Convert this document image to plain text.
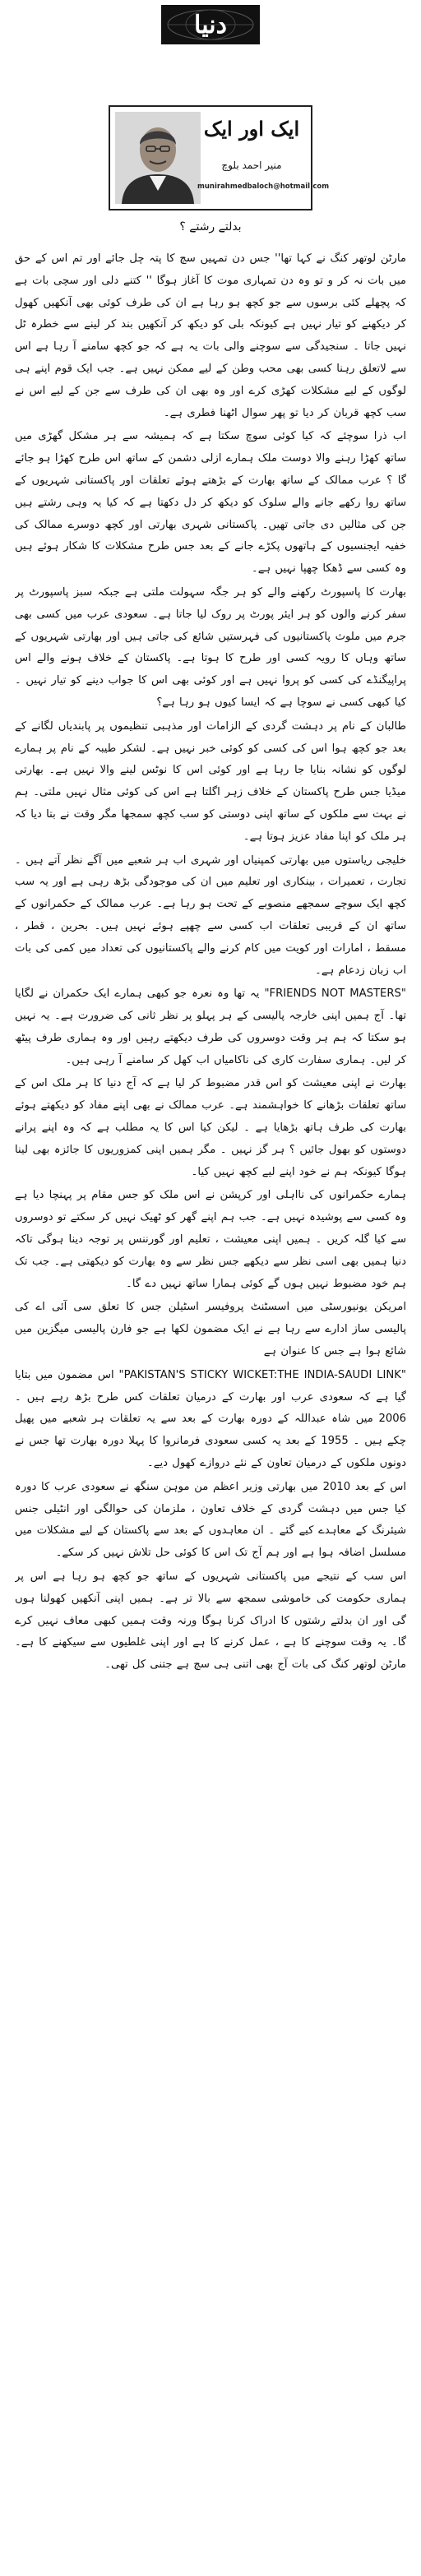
دنیا
ایک اور ایک
منیر احمد بلوچ
munirahmedbaloch@hotmail.com
بدلتے رشتے ؟

مارٹن لوتھر کنگ نے کہا تھا'' جس دن تمہیں سچ کا پتہ چل جائے اور تم اس کے حق میں بات نہ کر و تو وہ دن تمہاری موت کا آغاز ہوگا '' کتنے دلی اور سچی بات ہے کہ پچھلے کئی برسوں سے جو کچھ ہو رہا ہے ان کی طرف کوئی بھی آنکھیں کھول کر دیکھنے کو تیار نہیں ہے کیونکہ بلی کو دیکھ کر آنکھیں بند کر لینے سے خطرہ ٹل نہیں جاتا ۔ سنجیدگی سے سوچنے والی بات یہ ہے کہ جو کچھ سامنے آ رہا ہے اس سے لاتعلق رہنا کسی بھی محب وطن کے لیے ممکن نہیں ہے۔ جب ایک قوم اپنے ہی لوگوں کے لیے مشکلات کھڑی کرے اور وہ بھی ان کی طرف سے جن کے لیے اس نے سب کچھ قربان کر دیا تو پھر سوال اٹھنا فطری ہے۔

اب ذرا سوچئے کہ کیا کوئی سوچ سکتا ہے کہ ہمیشہ سے ہر مشکل گھڑی میں ساتھ کھڑا رہنے والا دوست ملک ہمارے ازلی دشمن کے ساتھ اس طرح کھڑا ہو جائے گا ؟ عرب ممالک کے ساتھ بھارت کے بڑھتے ہوئے تعلقات اور پاکستانی شہریوں کے ساتھ روا رکھے جانے والے سلوک کو دیکھ کر دل دکھتا ہے کہ کیا یہ وہی رشتے ہیں جن کی مثالیں دی جاتی تھیں۔ پاکستانی شہری بھارتی اور کچھ دوسرے ممالک کی خفیہ ایجنسیوں کے ہاتھوں پکڑے جانے کے بعد جس طرح مشکلات کا شکار ہوئے ہیں وہ کسی سے ڈھکا چھپا نہیں ہے۔

بھارت کا پاسپورٹ رکھنے والے کو ہر جگہ سہولت ملتی ہے جبکہ سبز پاسپورٹ پر سفر کرنے والوں کو ہر ایئر پورٹ پر روک لیا جاتا ہے۔ سعودی عرب میں کسی بھی جرم میں ملوث پاکستانیوں کی فہرستیں شائع کی جاتی ہیں اور بھارتی شہریوں کے ساتھ وہاں کا رویہ کسی اور طرح کا ہوتا ہے۔ پاکستان کے خلاف ہونے والے اس پراپیگنڈے کی کسی کو پروا نہیں ہے اور کوئی بھی اس کا جواب دینے کو تیار نہیں ۔ کیا کبھی کسی نے سوچا ہے کہ ایسا کیوں ہو رہا ہے؟

طالبان کے نام پر دہشت گردی کے الزامات اور مذہبی تنظیموں پر پابندیاں لگانے کے بعد جو کچھ ہوا اس کی کسی کو کوئی خبر نہیں ہے۔ لشکر طیبہ کے نام پر ہمارے لوگوں کو نشانہ بنایا جا رہا ہے اور کوئی اس کا نوٹس لینے والا نہیں ہے۔ بھارتی میڈیا جس طرح پاکستان کے خلاف زہر اگلتا ہے اس کی کوئی مثال نہیں ملتی۔ ہم نے بہت سے ملکوں کے ساتھ اپنی دوستی کو سب کچھ سمجھا مگر وقت نے بتا دیا کہ ہر ملک کو اپنا مفاد عزیز ہوتا ہے۔

خلیجی ریاستوں میں بھارتی کمپنیاں اور شہری اب ہر شعبے میں آگے نظر آتے ہیں ۔ تجارت ، تعمیرات ، بینکاری اور تعلیم میں ان کی موجودگی بڑھ رہی ہے اور یہ سب کچھ ایک سوچے سمجھے منصوبے کے تحت ہو رہا ہے۔ عرب ممالک کے حکمرانوں کے ساتھ ان کے قریبی تعلقات اب کسی سے چھپے ہوئے نہیں ہیں۔ بحرین ، قطر ، مسقط ، امارات اور کویت میں کام کرنے والے پاکستانیوں کی تعداد میں کمی کی بات اب زبان زدعام ہے۔

"FRIENDS NOT MASTERS" یہ تھا وہ نعرہ جو کبھی ہمارے ایک حکمران نے لگایا تھا۔ آج ہمیں اپنی خارجہ پالیسی کے ہر پہلو پر نظر ثانی کی ضرورت ہے۔ یہ نہیں ہو سکتا کہ ہم ہر وقت دوسروں کی طرف دیکھتے رہیں اور وہ ہماری طرف پیٹھ کر لیں۔ ہماری سفارت کاری کی ناکامیاں اب کھل کر سامنے آ رہی ہیں۔

بھارت نے اپنی معیشت کو اس قدر مضبوط کر لیا ہے کہ آج دنیا کا ہر ملک اس کے ساتھ تعلقات بڑھانے کا خواہشمند ہے۔ عرب ممالک نے بھی اپنے مفاد کو دیکھتے ہوئے بھارت کی طرف ہاتھ بڑھایا ہے ۔ لیکن کیا اس کا یہ مطلب ہے کہ وہ اپنے پرانے دوستوں کو بھول جائیں ؟ ہر گز نہیں ۔ مگر ہمیں اپنی کمزوریوں کا جائزہ بھی لینا ہوگا کیونکہ ہم نے خود اپنے لیے کچھ نہیں کیا۔

ہمارے حکمرانوں کی نااہلی اور کرپشن نے اس ملک کو جس مقام پر پہنچا دیا ہے وہ کسی سے پوشیدہ نہیں ہے۔ جب ہم اپنے گھر کو ٹھیک نہیں کر سکتے تو دوسروں سے کیا گلہ کریں ۔ ہمیں اپنی معیشت ، تعلیم اور گورننس پر توجہ دینا ہوگی تاکہ دنیا ہمیں بھی اسی نظر سے دیکھے جس نظر سے وہ بھارت کو دیکھتی ہے۔ جب تک ہم خود مضبوط نہیں ہوں گے کوئی ہمارا ساتھ نہیں دے گا۔

امریکن یونیورسٹی میں اسسٹنٹ پروفیسر اسٹیلن جس کا تعلق سی آئی اے کی پالیسی ساز ادارے سے رہا ہے نے ایک مضمون لکھا ہے جو فارن پالیسی میگزین میں شائع ہوا ہے جس کا عنوان ہے

"PAKISTAN'S STICKY WICKET:THE INDIA-SAUDI LINK" اس مضمون میں بتایا گیا ہے کہ سعودی عرب اور بھارت کے درمیان تعلقات کس طرح بڑھ رہے ہیں ۔ 2006 میں شاہ عبداللہ کے دورہ بھارت کے بعد سے یہ تعلقات ہر شعبے میں پھیل چکے ہیں ۔ 1955 کے بعد یہ کسی سعودی فرمانروا کا پہلا دورہ بھارت تھا جس نے دونوں ملکوں کے درمیان تعاون کے نئے دروازے کھول دیے۔

اس کے بعد 2010 میں بھارتی وزیر اعظم من موہن سنگھ نے سعودی عرب کا دورہ کیا جس میں دہشت گردی کے خلاف تعاون ، ملزمان کی حوالگی اور انٹیلی جنس شیئرنگ کے معاہدے کیے گئے ۔ ان معاہدوں کے بعد سے پاکستان کے لیے مشکلات میں مسلسل اضافہ ہوا ہے اور ہم آج تک اس کا کوئی حل تلاش نہیں کر سکے۔

اس سب کے نتیجے میں پاکستانی شہریوں کے ساتھ جو کچھ ہو رہا ہے اس پر ہماری حکومت کی خاموشی سمجھ سے بالا تر ہے۔ ہمیں اپنی آنکھیں کھولنا ہوں گی اور ان بدلتے رشتوں کا ادراک کرنا ہوگا ورنہ وقت ہمیں کبھی معاف نہیں کرے گا۔ یہ وقت سوچنے کا ہے ، عمل کرنے کا ہے اور اپنی غلطیوں سے سیکھنے کا ہے۔ مارٹن لوتھر کنگ کی بات آج بھی اتنی ہی سچ ہے جتنی کل تھی۔
